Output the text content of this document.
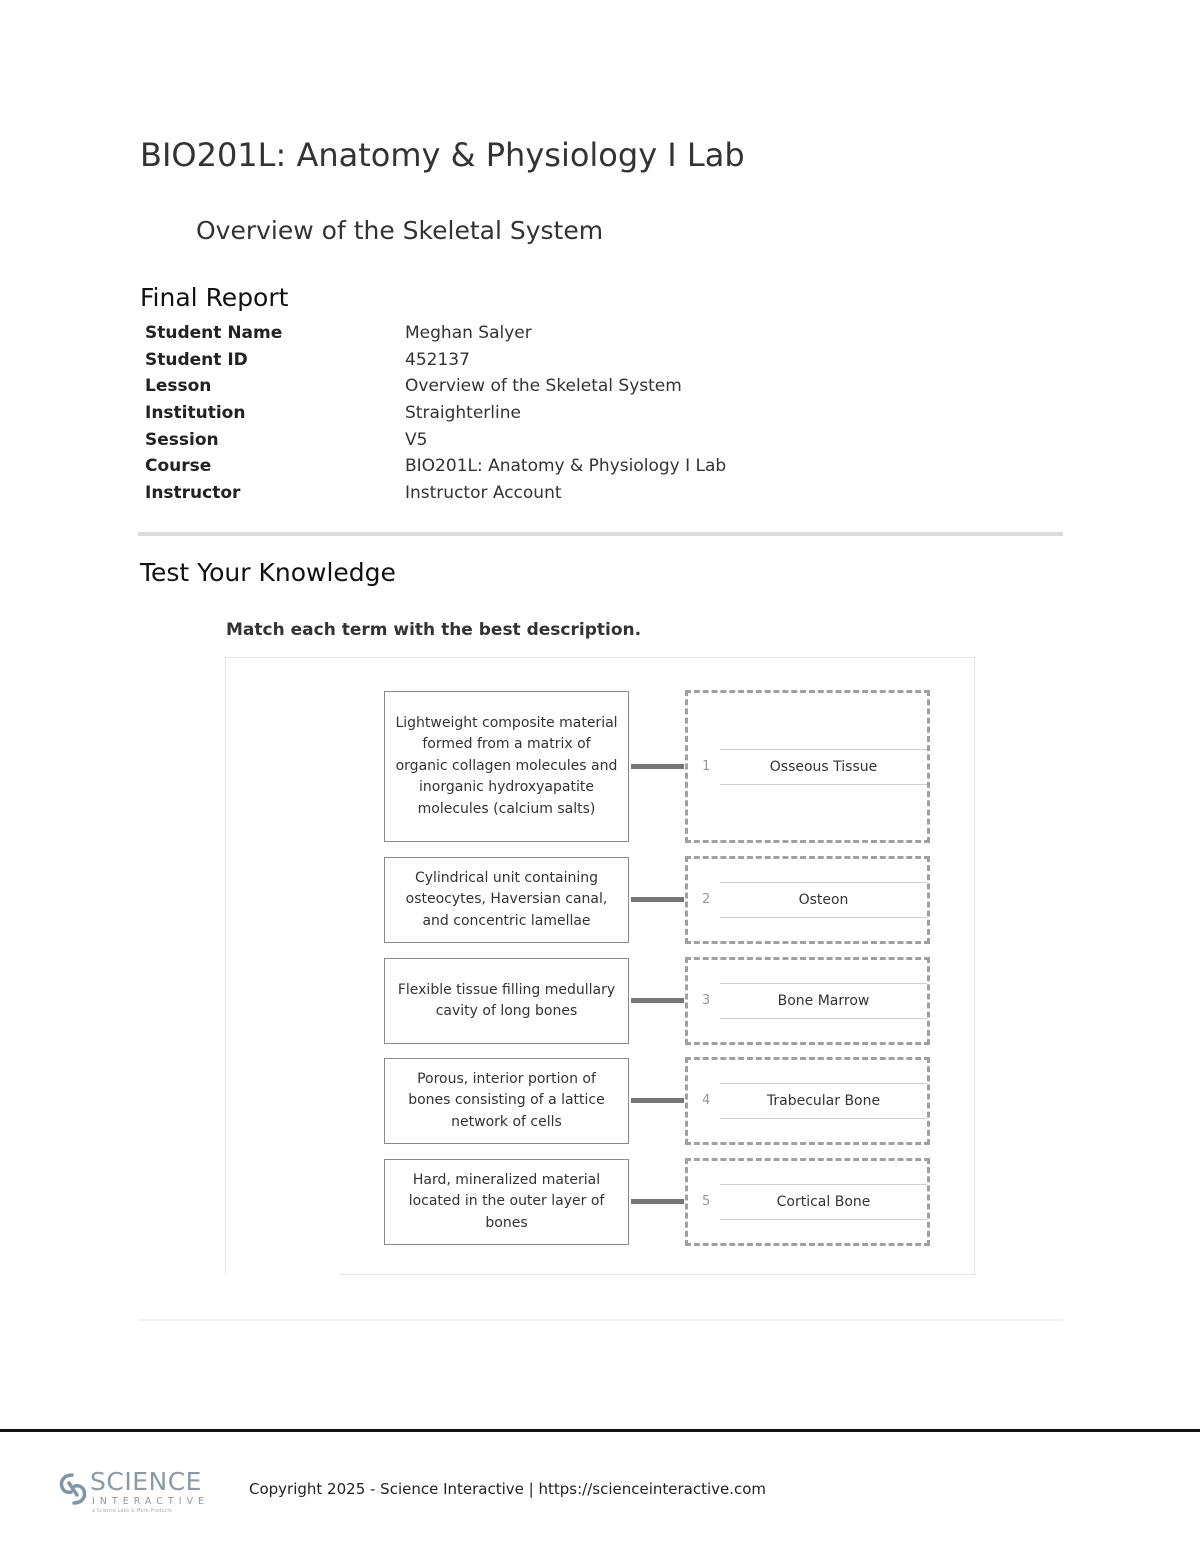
BIO201L: Anatomy & Physiology I Lab
Overview of the Skeletal System
Final Report
Student Name	Meghan Salyer
Student ID	452137
Lesson	Overview of the Skeletal System
Institution	Straighterline
Session	V5
Course	BIO201L: Anatomy & Physiology I Lab
Instructor	Instructor Account
Test Your Knowledge
Match each term with the best description.
Lightweight composite material formed from a matrix of organic collagen molecules and inorganic hydroxyapatite molecules (calcium salts)
1	Osseous Tissue
Cylindrical unit containing osteocytes, Haversian canal, and concentric lamellae
2	Osteon
Flexible tissue filling medullary cavity of long bones
3	Bone Marrow
Porous, interior portion of bones consisting of a lattice network of cells
4	Trabecular Bone
Hard, mineralized material located in the outer layer of bones
5	Cortical Bone
SCIENCE
INTERACTIVE
a Science Labs & More Products
Copyright 2025 - Science Interactive | https://scienceinteractive.com
